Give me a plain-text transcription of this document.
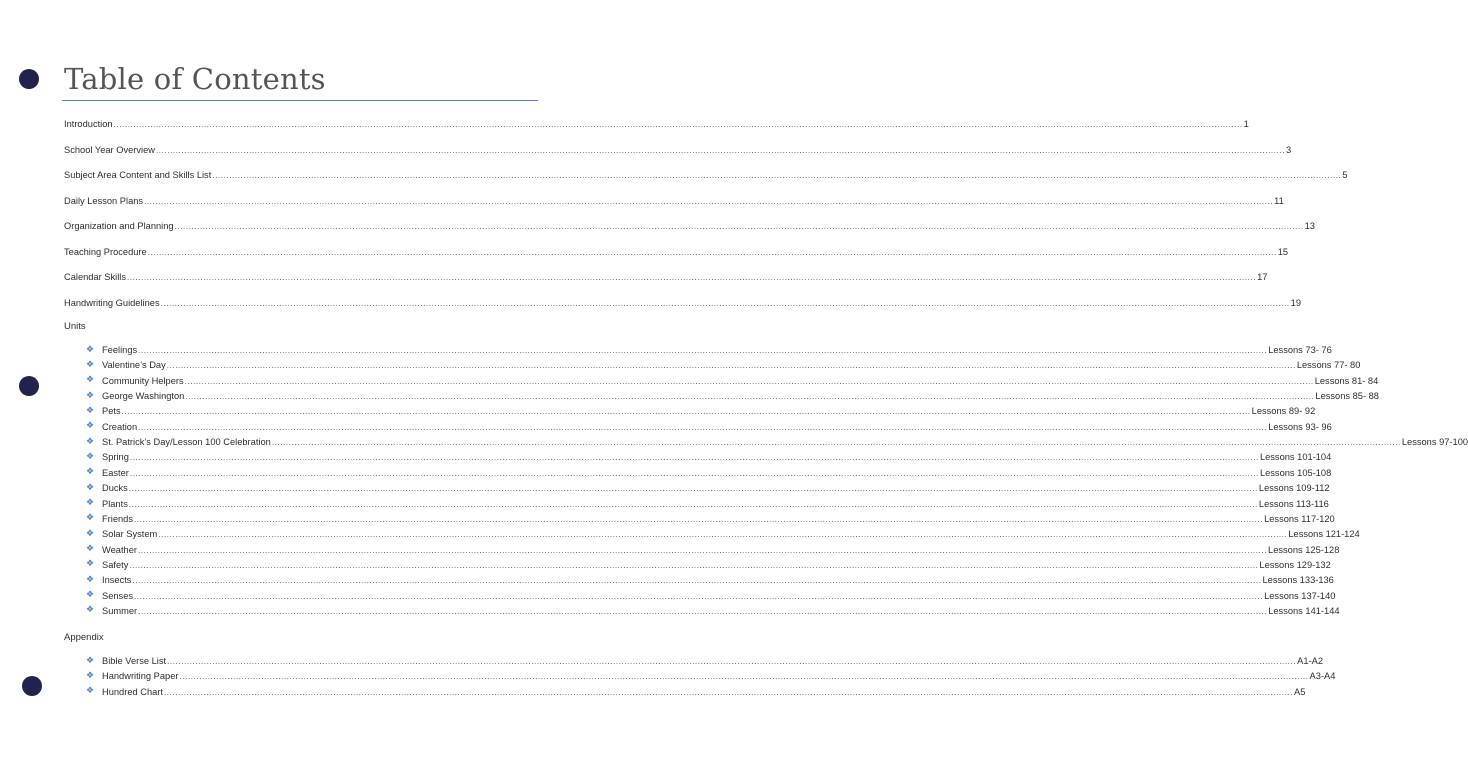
Table of Contents
Introduction ................................................................................................................................................................................................................................................................................................................................................................................................................ 1
School Year Overview ................................................................................................................................................................................................................................................................................................................................................................................................................ 3
Subject Area Content and Skills List ................................................................................................................................................................................................................................................................................................................................................................................................................ 5
Daily Lesson Plans ................................................................................................................................................................................................................................................................................................................................................................................................................ 11
Organization and Planning ................................................................................................................................................................................................................................................................................................................................................................................................................ 13
Teaching Procedure ................................................................................................................................................................................................................................................................................................................................................................................................................ 15
Calendar Skills ................................................................................................................................................................................................................................................................................................................................................................................................................ 17
Handwriting Guidelines ................................................................................................................................................................................................................................................................................................................................................................................................................ 19
Units
❖ Feelings ................................................................................................................................................................................................................................................................................................................................................................................................................ Lessons 73- 76
❖ Valentine’s Day ................................................................................................................................................................................................................................................................................................................................................................................................................ Lessons 77- 80
❖ Community Helpers ................................................................................................................................................................................................................................................................................................................................................................................................................ Lessons 81- 84
❖ George Washington ................................................................................................................................................................................................................................................................................................................................................................................................................ Lessons 85- 88
❖ Pets ................................................................................................................................................................................................................................................................................................................................................................................................................ Lessons 89- 92
❖ Creation ................................................................................................................................................................................................................................................................................................................................................................................................................ Lessons 93- 96
❖ St. Patrick’s Day/Lesson 100 Celebration ................................................................................................................................................................................................................................................................................................................................................................................................................ Lessons 97-100
❖ Spring ................................................................................................................................................................................................................................................................................................................................................................................................................ Lessons 101-104
❖ Easter ................................................................................................................................................................................................................................................................................................................................................................................................................ Lessons 105-108
❖ Ducks ................................................................................................................................................................................................................................................................................................................................................................................................................ Lessons 109-112
❖ Plants ................................................................................................................................................................................................................................................................................................................................................................................................................ Lessons 113-116
❖ Friends ................................................................................................................................................................................................................................................................................................................................................................................................................ Lessons 117-120
❖ Solar System ................................................................................................................................................................................................................................................................................................................................................................................................................ Lessons 121-124
❖ Weather ................................................................................................................................................................................................................................................................................................................................................................................................................ Lessons 125-128
❖ Safety ................................................................................................................................................................................................................................................................................................................................................................................................................ Lessons 129-132
❖ Insects ................................................................................................................................................................................................................................................................................................................................................................................................................ Lessons 133-136
❖ Senses ................................................................................................................................................................................................................................................................................................................................................................................................................ Lessons 137-140
❖ Summer ................................................................................................................................................................................................................................................................................................................................................................................................................ Lessons 141-144
Appendix
❖ Bible Verse List ................................................................................................................................................................................................................................................................................................................................................................................................................ A1-A2
❖ Handwriting Paper ................................................................................................................................................................................................................................................................................................................................................................................................................ A3-A4
❖ Hundred Chart ................................................................................................................................................................................................................................................................................................................................................................................................................ A5
